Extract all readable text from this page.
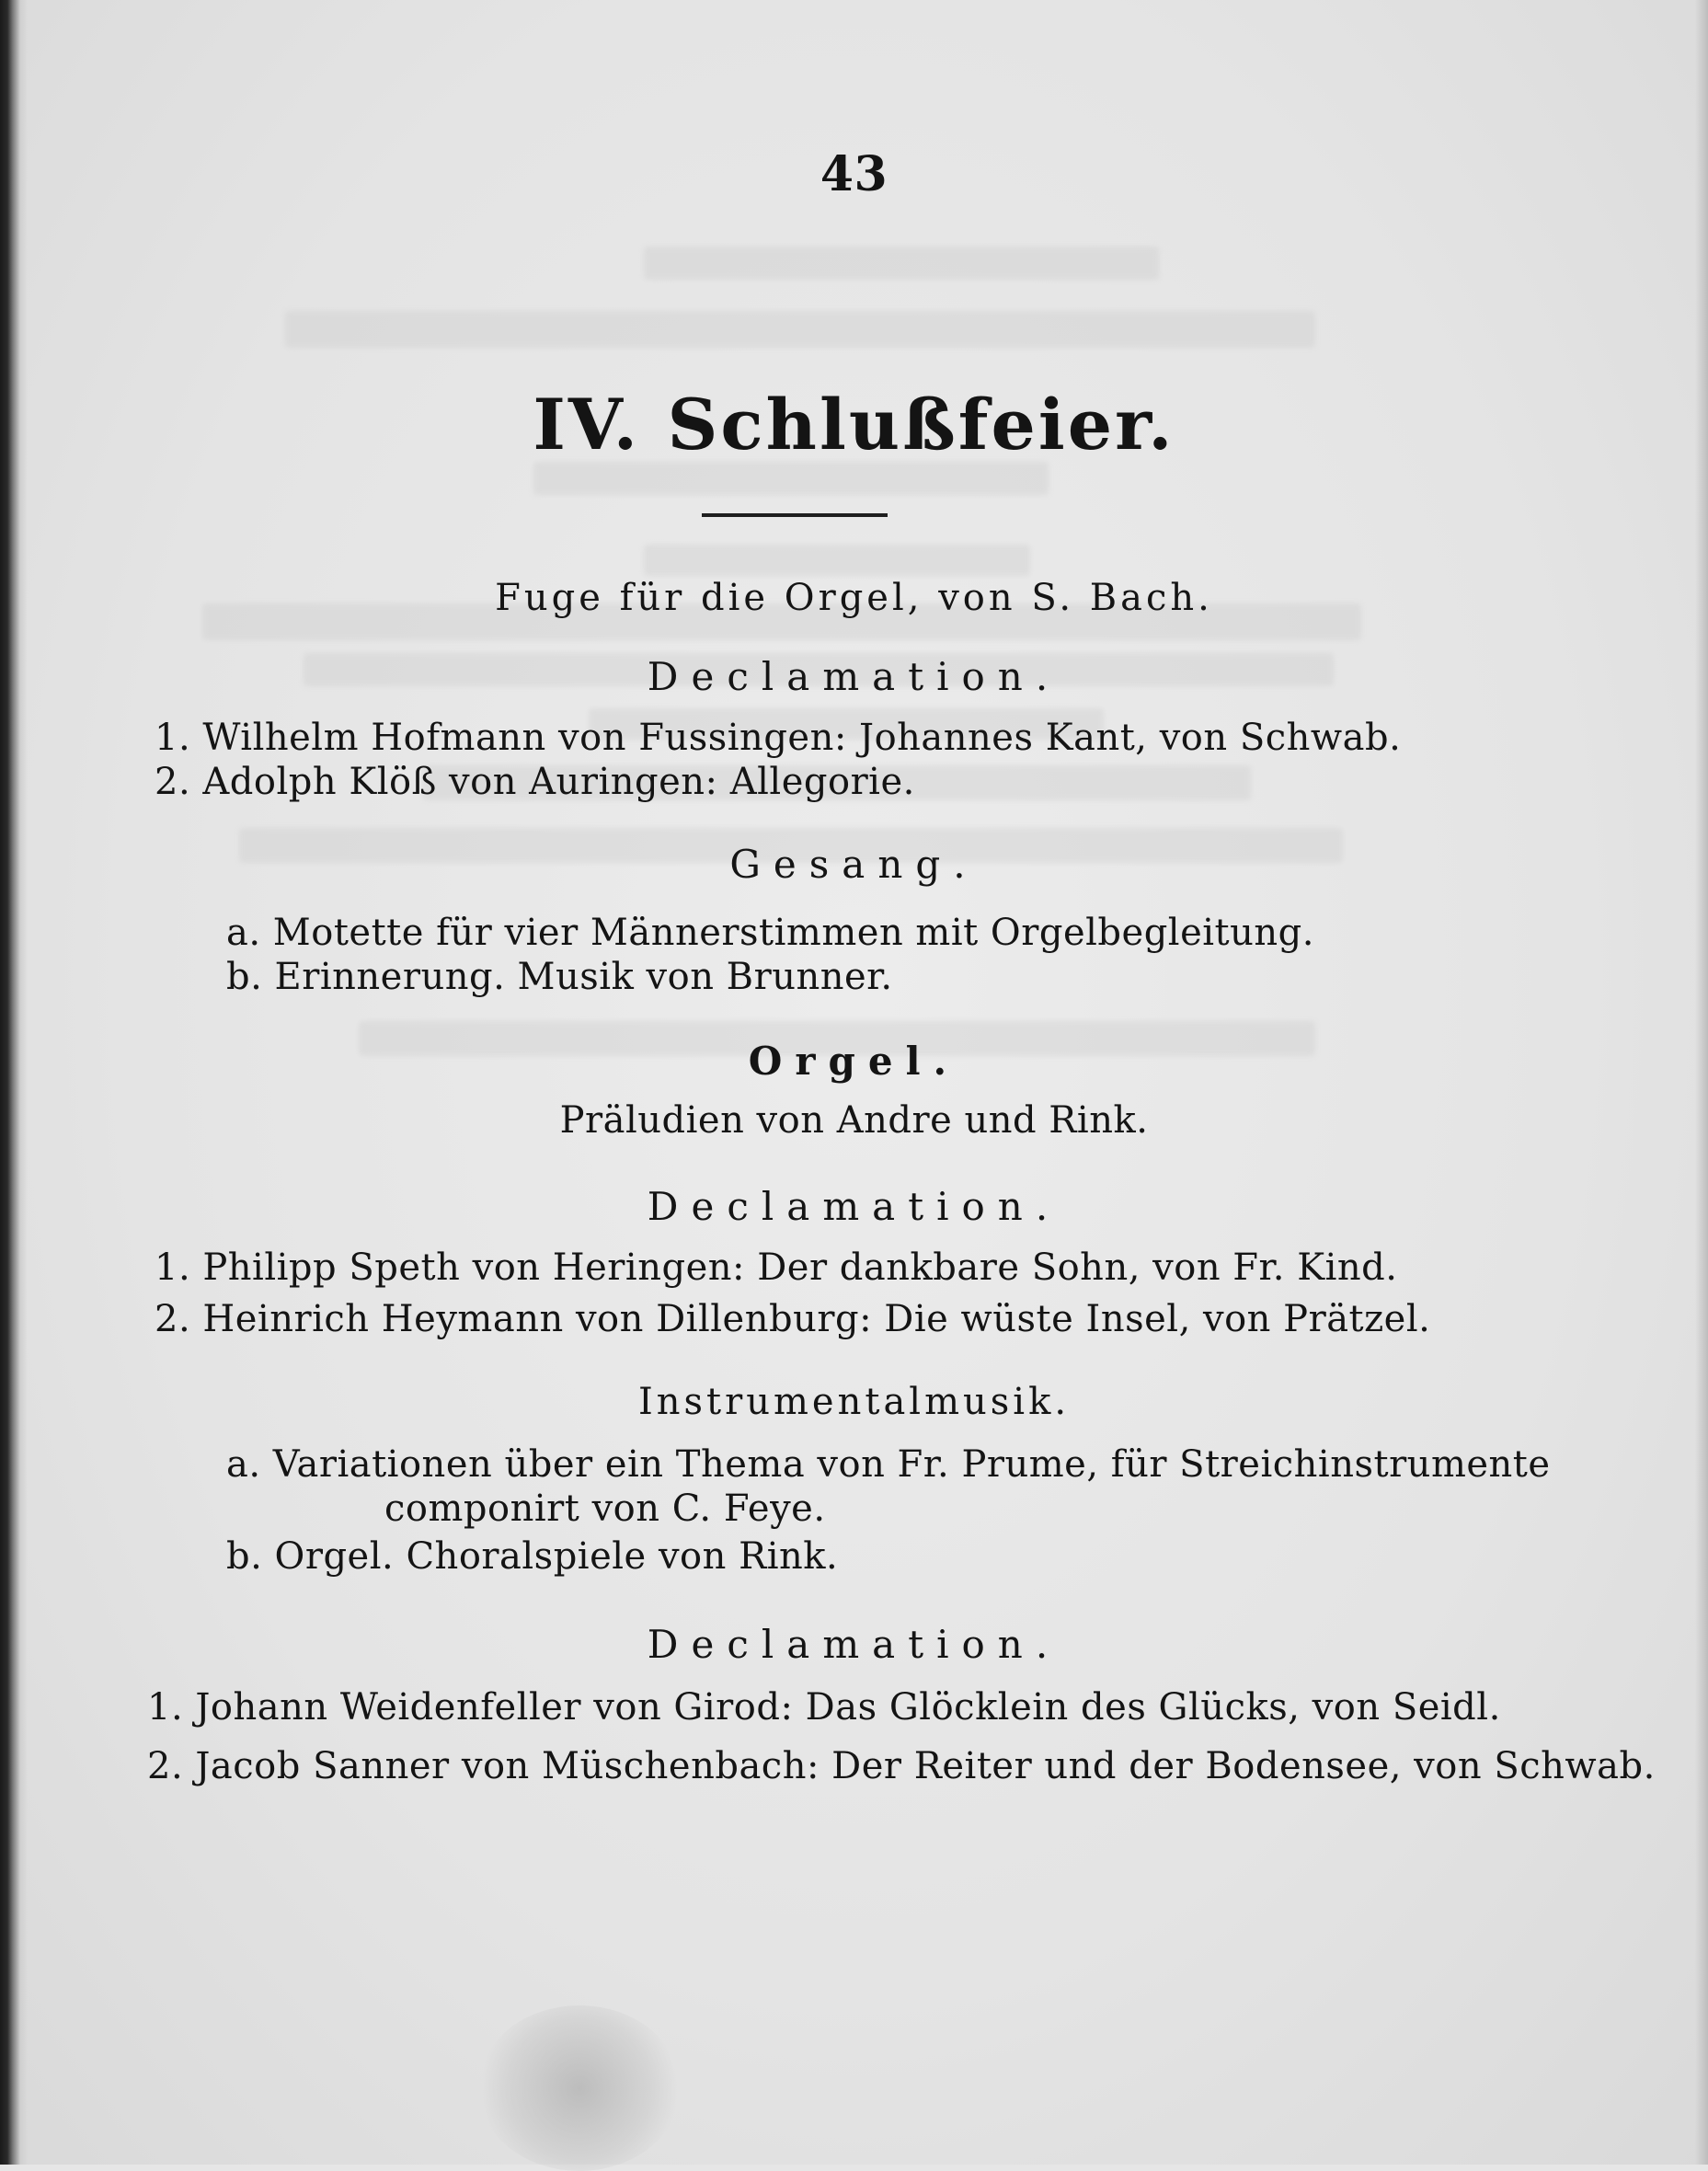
43
IV. Schlußfeier.
Fuge für die Orgel, von S. Bach.
Declamation.
1. Wilhelm Hofmann von Fussingen: Johannes Kant, von Schwab.
2. Adolph Klöß von Auringen: Allegorie.
Gesang.
a. Motette für vier Männerstimmen mit Orgelbegleitung.
b. Erinnerung. Musik von Brunner.
Orgel.
Präludien von Andre und Rink.
Declamation.
1. Philipp Speth von Heringen: Der dankbare Sohn, von Fr. Kind.
2. Heinrich Heymann von Dillenburg: Die wüste Insel, von Prätzel.
Instrumentalmusik.
a. Variationen über ein Thema von Fr. Prume, für Streichinstrumente
componirt von C. Feye.
b. Orgel. Choralspiele von Rink.
Declamation.
1. Johann Weidenfeller von Girod: Das Glöcklein des Glücks, von Seidl.
2. Jacob Sanner von Müschenbach: Der Reiter und der Bodensee, von Schwab.
